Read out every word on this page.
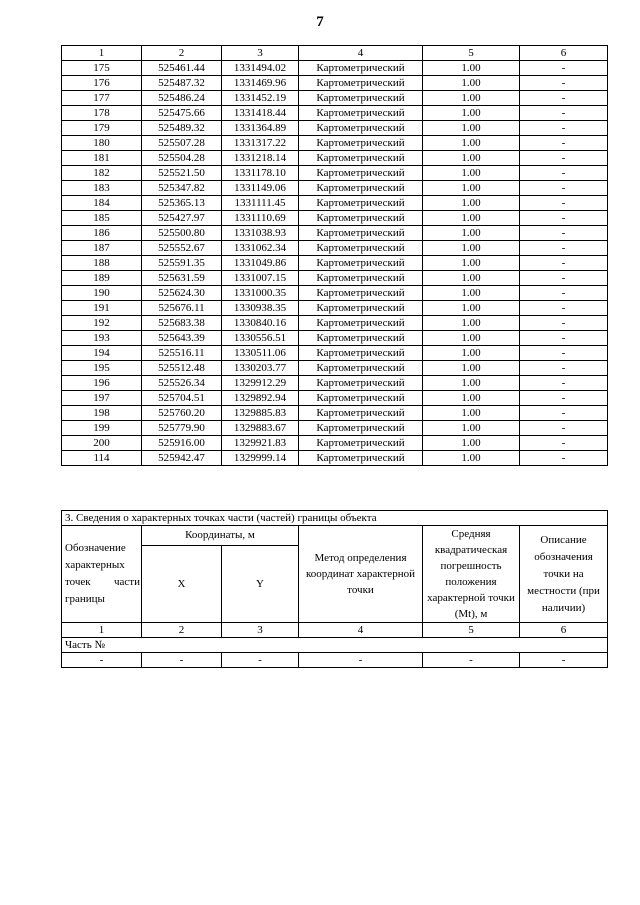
7
1	2	3	4	5	6
175	525461.44	1331494.02	Картометрический	1.00	-
176	525487.32	1331469.96	Картометрический	1.00	-
177	525486.24	1331452.19	Картометрический	1.00	-
178	525475.66	1331418.44	Картометрический	1.00	-
179	525489.32	1331364.89	Картометрический	1.00	-
180	525507.28	1331317.22	Картометрический	1.00	-
181	525504.28	1331218.14	Картометрический	1.00	-
182	525521.50	1331178.10	Картометрический	1.00	-
183	525347.82	1331149.06	Картометрический	1.00	-
184	525365.13	1331111.45	Картометрический	1.00	-
185	525427.97	1331110.69	Картометрический	1.00	-
186	525500.80	1331038.93	Картометрический	1.00	-
187	525552.67	1331062.34	Картометрический	1.00	-
188	525591.35	1331049.86	Картометрический	1.00	-
189	525631.59	1331007.15	Картометрический	1.00	-
190	525624.30	1331000.35	Картометрический	1.00	-
191	525676.11	1330938.35	Картометрический	1.00	-
192	525683.38	1330840.16	Картометрический	1.00	-
193	525643.39	1330556.51	Картометрический	1.00	-
194	525516.11	1330511.06	Картометрический	1.00	-
195	525512.48	1330203.77	Картометрический	1.00	-
196	525526.34	1329912.29	Картометрический	1.00	-
197	525704.51	1329892.94	Картометрический	1.00	-
198	525760.20	1329885.83	Картометрический	1.00	-
199	525779.90	1329883.67	Картометрический	1.00	-
200	525916.00	1329921.83	Картометрический	1.00	-
114	525942.47	1329999.14	Картометрический	1.00	-
3. Сведения о характерных точках части (частей) границы объекта					
Обозначение характерных точек части границы	Координаты, м		Метод определения координат характерной точки	Средняя квадратическая погрешность положения характерной точки (Mt), м	Описание обозначения точки на местности (при наличии)
	X	Y			
1	2	3	4	5	6
Часть №					
-	-	-	-	-	-
